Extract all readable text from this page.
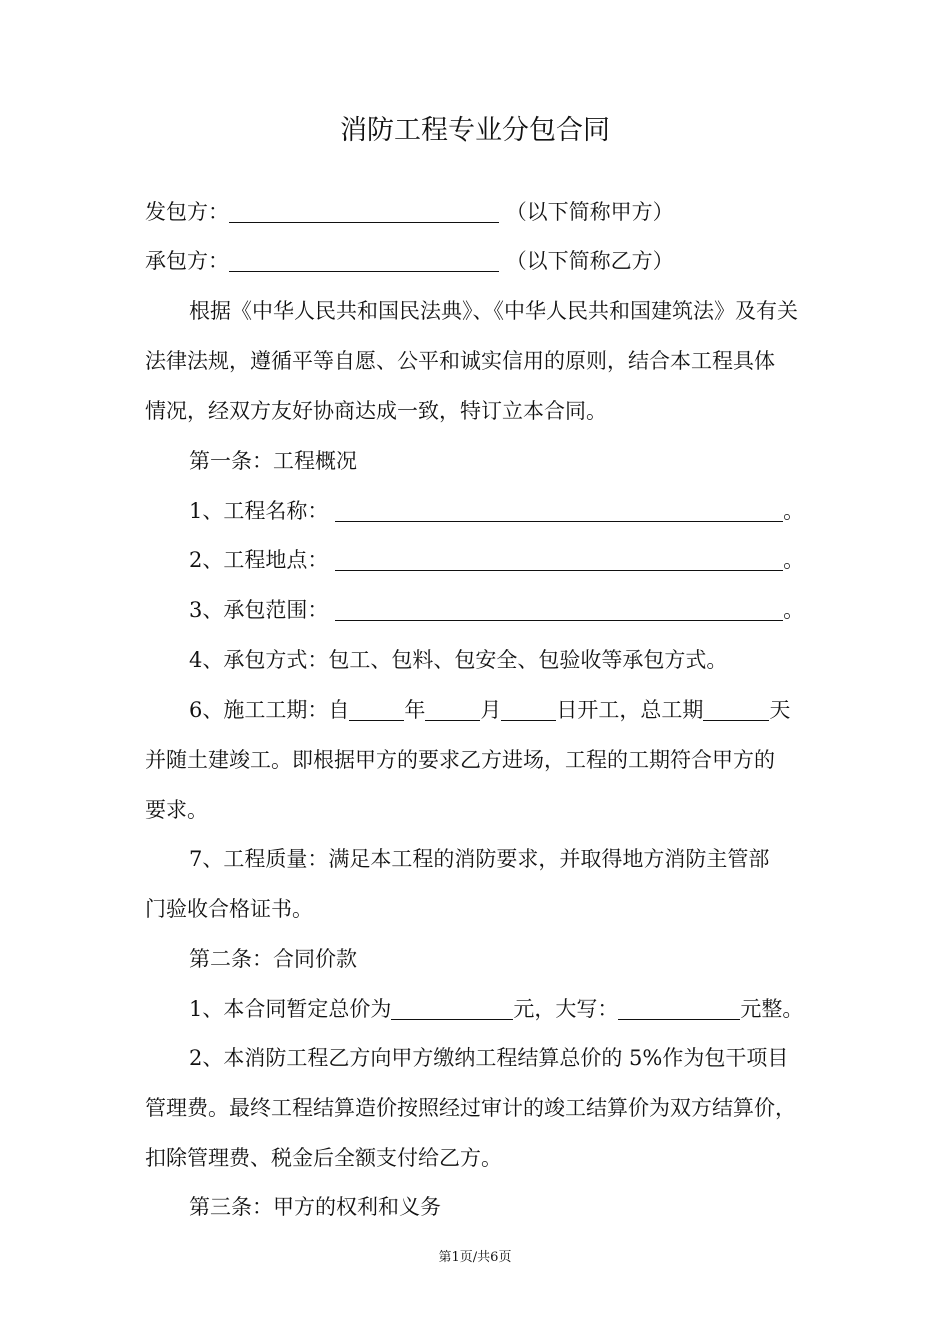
消防工程专业分包合同
发包方：	（以下简称甲方）
承包方：	（以下简称乙方）
根据《中华人民共和国民法典》、《中华人民共和国建筑法》及有关
法律法规，遵循平等自愿、公平和诚实信用的原则，结合本工程具体
情况，经双方友好协商达成一致，特订立本合同。
第一条：工程概况
1、工程名称：	。
2、工程地点：	。
3、承包范围：	。
4、承包方式：包工、包料、包安全、包验收等承包方式。
6、施工工期：自	年	月	日开工，总工期	天
并随土建竣工。即根据甲方的要求乙方进场，工程的工期符合甲方的
要求。
7、工程质量：满足本工程的消防要求，并取得地方消防主管部
门验收合格证书。
第二条：合同价款
1、本合同暂定总价为	元，大写：	元整。
2、本消防工程乙方向甲方缴纳工程结算总价的 5%作为包干项目
管理费。最终工程结算造价按照经过审计的竣工结算价为双方结算价，
扣除管理费、税金后全额支付给乙方。
第三条：甲方的权利和义务
第1页/共6页
